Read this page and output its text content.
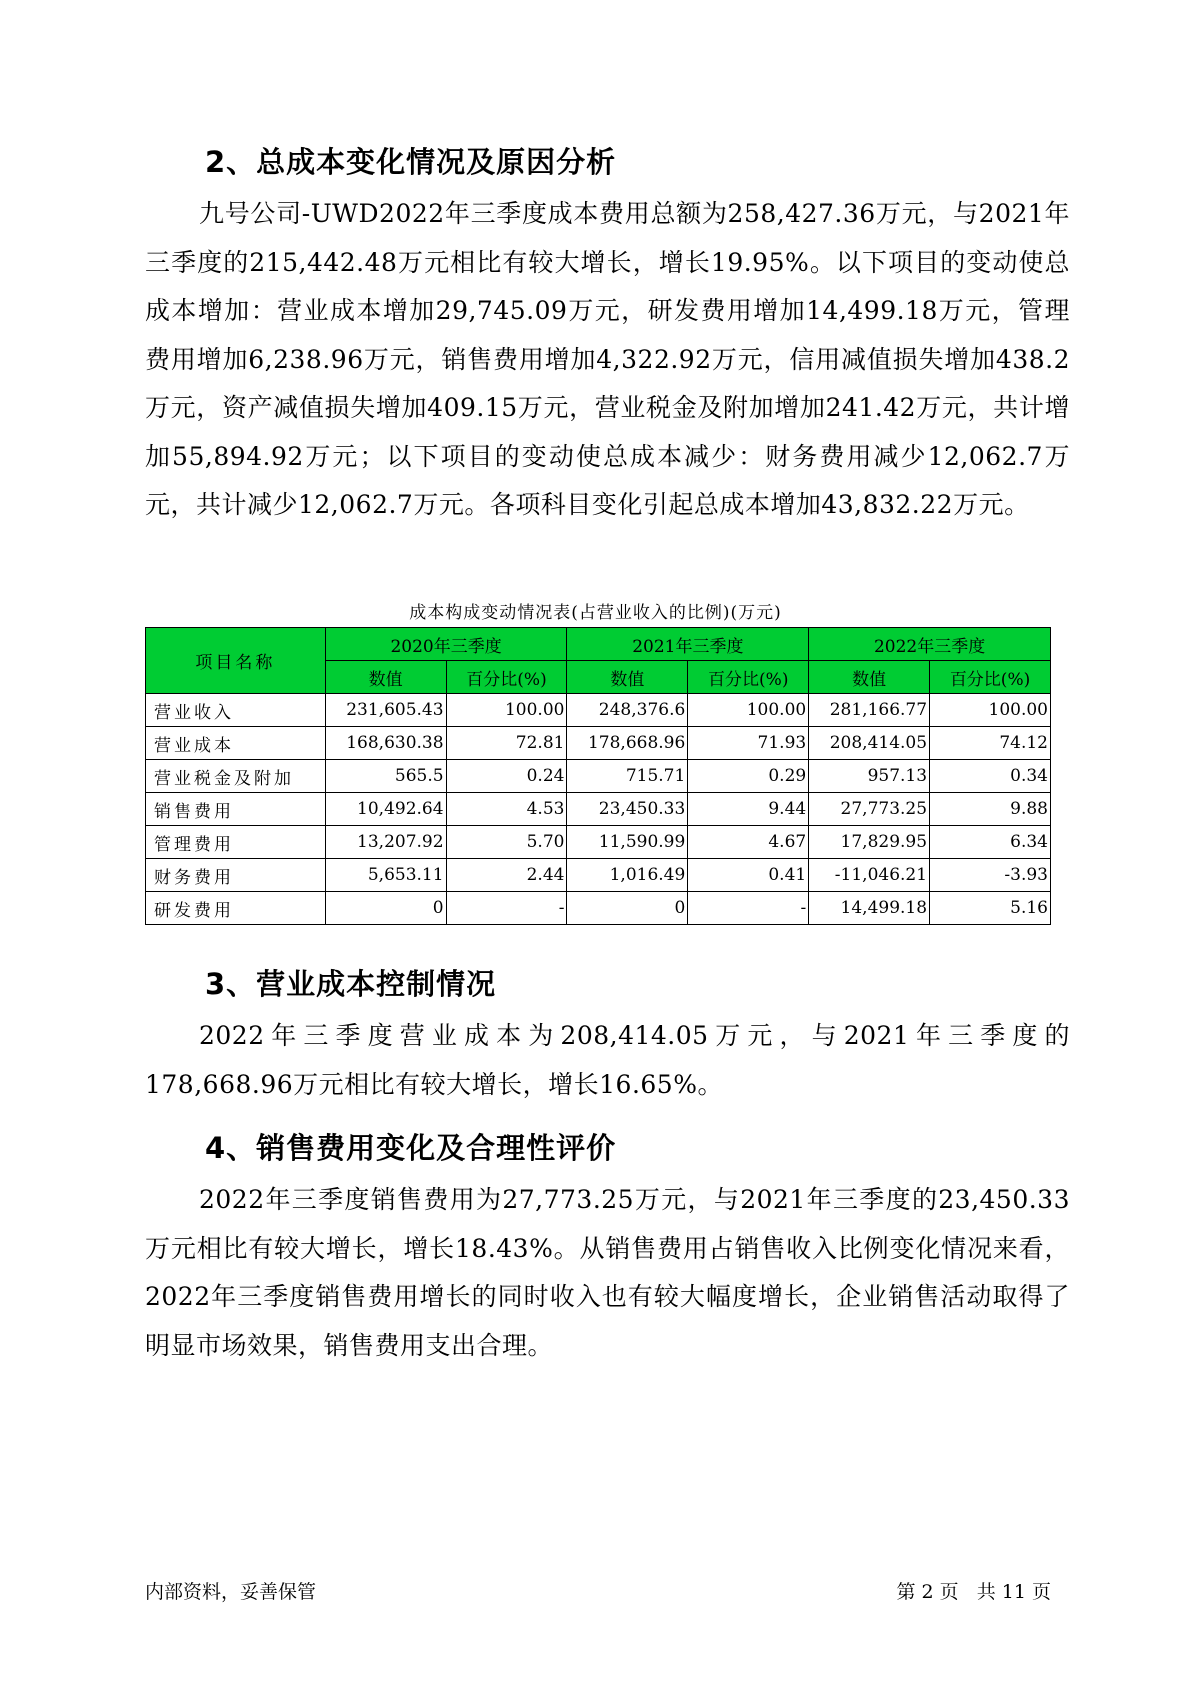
2、总成本变化情况及原因分析
九号公司-UWD2022年三季度成本费用总额为258,427.36万元，与2021年三季度的215,442.48万元相比有较大增长，增长19.95%。以下项目的变动使总成本增加：营业成本增加29,745.09万元，研发费用增加14,499.18万元，管理费用增加6,238.96万元，销售费用增加4,322.92万元，信用减值损失增加438.2万元，资产减值损失增加409.15万元，营业税金及附加增加241.42万元，共计增加55,894.92万元；以下项目的变动使总成本减少：财务费用减少12,062.7万元，共计减少12,062.7万元。各项科目变化引起总成本增加43,832.22万元。
成本构成变动情况表(占营业收入的比例)(万元)
项目名称	2020年三季度		2021年三季度		2022年三季度	
	数值	百分比(%)	数值	百分比(%)	数值	百分比(%)
营业收入	231,605.43	100.00	248,376.6	100.00	281,166.77	100.00
营业成本	168,630.38	72.81	178,668.96	71.93	208,414.05	74.12
营业税金及附加	565.5	0.24	715.71	0.29	957.13	0.34
销售费用	10,492.64	4.53	23,450.33	9.44	27,773.25	9.88
管理费用	13,207.92	5.70	11,590.99	4.67	17,829.95	6.34
财务费用	5,653.11	2.44	1,016.49	0.41	-11,046.21	-3.93
研发费用	0	-	0	-	14,499.18	5.16
3、营业成本控制情况
2022年三季度营业成本为208,414.05万元，与2021年三季度的178,668.96万元相比有较大增长，增长16.65%。
4、销售费用变化及合理性评价
2022年三季度销售费用为27,773.25万元，与2021年三季度的23,450.33万元相比有较大增长，增长18.43%。从销售费用占销售收入比例变化情况来看，2022年三季度销售费用增长的同时收入也有较大幅度增长，企业销售活动取得了明显市场效果，销售费用支出合理。
内部资料，妥善保管	第 2 页   共 11 页
